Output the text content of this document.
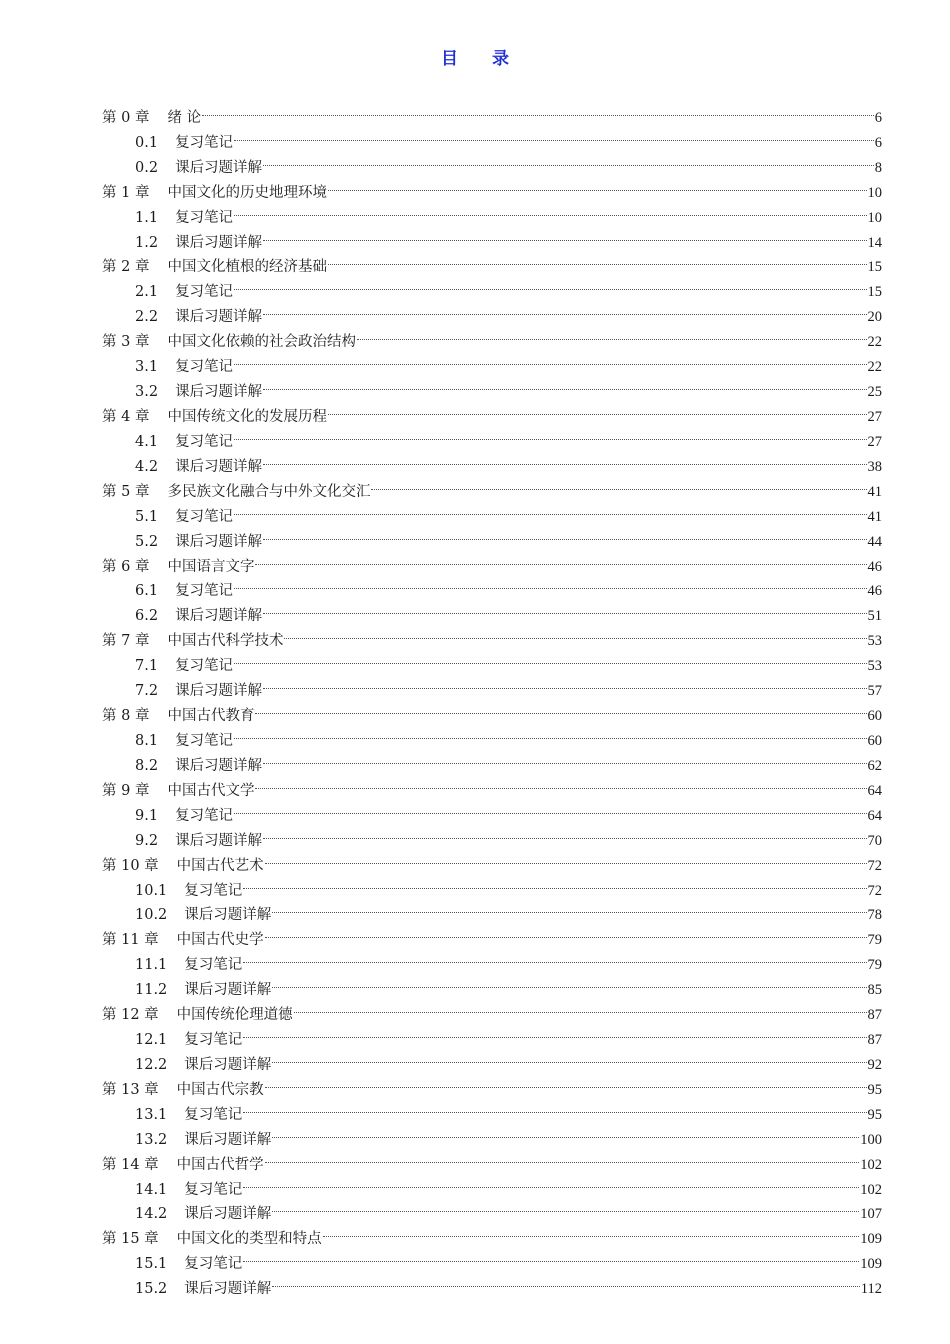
目 录
第 0 章	绪 论	6
0.1	复习笔记	6
0.2	课后习题详解	8
第 1 章	中国文化的历史地理环境	10
1.1	复习笔记	10
1.2	课后习题详解	14
第 2 章	中国文化植根的经济基础	15
2.1	复习笔记	15
2.2	课后习题详解	20
第 3 章	中国文化依赖的社会政治结构	22
3.1	复习笔记	22
3.2	课后习题详解	25
第 4 章	中国传统文化的发展历程	27
4.1	复习笔记	27
4.2	课后习题详解	38
第 5 章	多民族文化融合与中外文化交汇	41
5.1	复习笔记	41
5.2	课后习题详解	44
第 6 章	中国语言文字	46
6.1	复习笔记	46
6.2	课后习题详解	51
第 7 章	中国古代科学技术	53
7.1	复习笔记	53
7.2	课后习题详解	57
第 8 章	中国古代教育	60
8.1	复习笔记	60
8.2	课后习题详解	62
第 9 章	中国古代文学	64
9.1	复习笔记	64
9.2	课后习题详解	70
第 10 章	中国古代艺术	72
10.1	复习笔记	72
10.2	课后习题详解	78
第 11 章	中国古代史学	79
11.1	复习笔记	79
11.2	课后习题详解	85
第 12 章	中国传统伦理道德	87
12.1	复习笔记	87
12.2	课后习题详解	92
第 13 章	中国古代宗教	95
13.1	复习笔记	95
13.2	课后习题详解	100
第 14 章	中国古代哲学	102
14.1	复习笔记	102
14.2	课后习题详解	107
第 15 章	中国文化的类型和特点	109
15.1	复习笔记	109
15.2	课后习题详解	112
